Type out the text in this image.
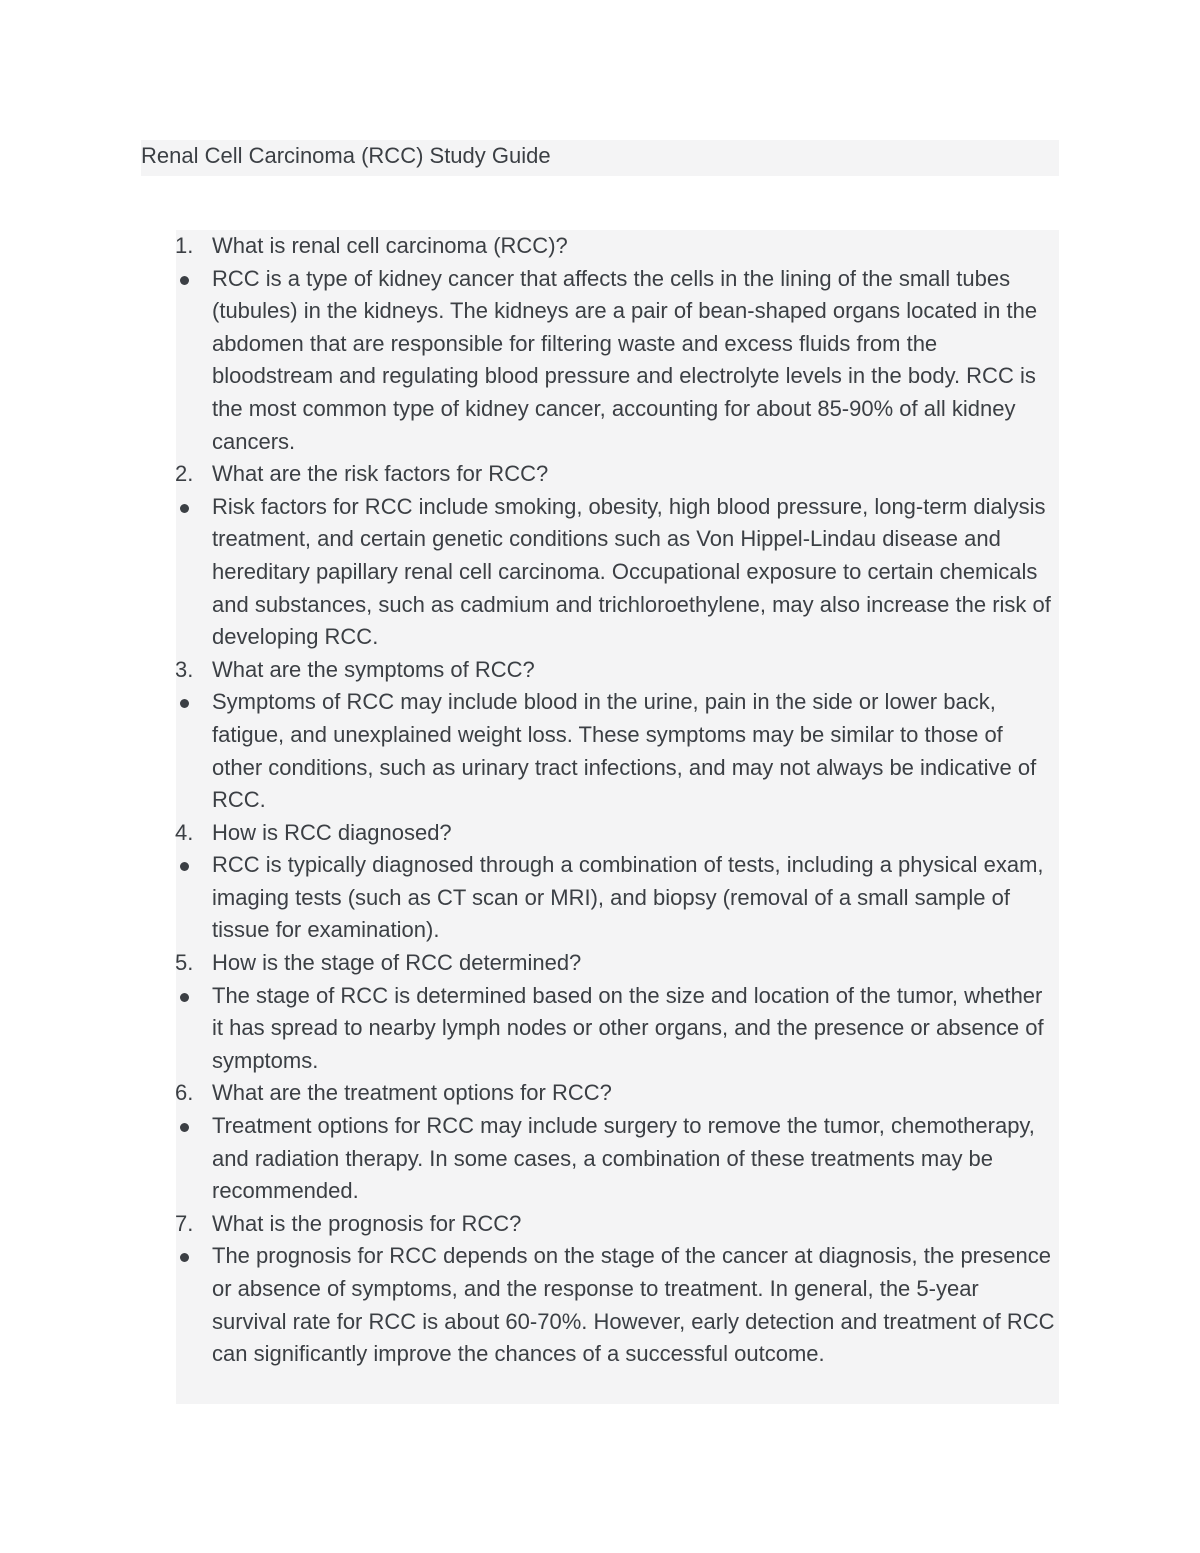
Renal Cell Carcinoma (RCC) Study Guide
1. What is renal cell carcinoma (RCC)?
RCC is a type of kidney cancer that affects the cells in the lining of the small tubes (tubules) in the kidneys. The kidneys are a pair of bean-shaped organs located in the abdomen that are responsible for filtering waste and excess fluids from the bloodstream and regulating blood pressure and electrolyte levels in the body. RCC is the most common type of kidney cancer, accounting for about 85-90% of all kidney cancers.
2. What are the risk factors for RCC?
Risk factors for RCC include smoking, obesity, high blood pressure, long-term dialysis treatment, and certain genetic conditions such as Von Hippel-Lindau disease and hereditary papillary renal cell carcinoma. Occupational exposure to certain chemicals and substances, such as cadmium and trichloroethylene, may also increase the risk of developing RCC.
3. What are the symptoms of RCC?
Symptoms of RCC may include blood in the urine, pain in the side or lower back, fatigue, and unexplained weight loss. These symptoms may be similar to those of other conditions, such as urinary tract infections, and may not always be indicative of RCC.
4. How is RCC diagnosed?
RCC is typically diagnosed through a combination of tests, including a physical exam, imaging tests (such as CT scan or MRI), and biopsy (removal of a small sample of tissue for examination).
5. How is the stage of RCC determined?
The stage of RCC is determined based on the size and location of the tumor, whether it has spread to nearby lymph nodes or other organs, and the presence or absence of symptoms.
6. What are the treatment options for RCC?
Treatment options for RCC may include surgery to remove the tumor, chemotherapy, and radiation therapy. In some cases, a combination of these treatments may be recommended.
7. What is the prognosis for RCC?
The prognosis for RCC depends on the stage of the cancer at diagnosis, the presence or absence of symptoms, and the response to treatment. In general, the 5-year survival rate for RCC is about 60-70%. However, early detection and treatment of RCC can significantly improve the chances of a successful outcome.
